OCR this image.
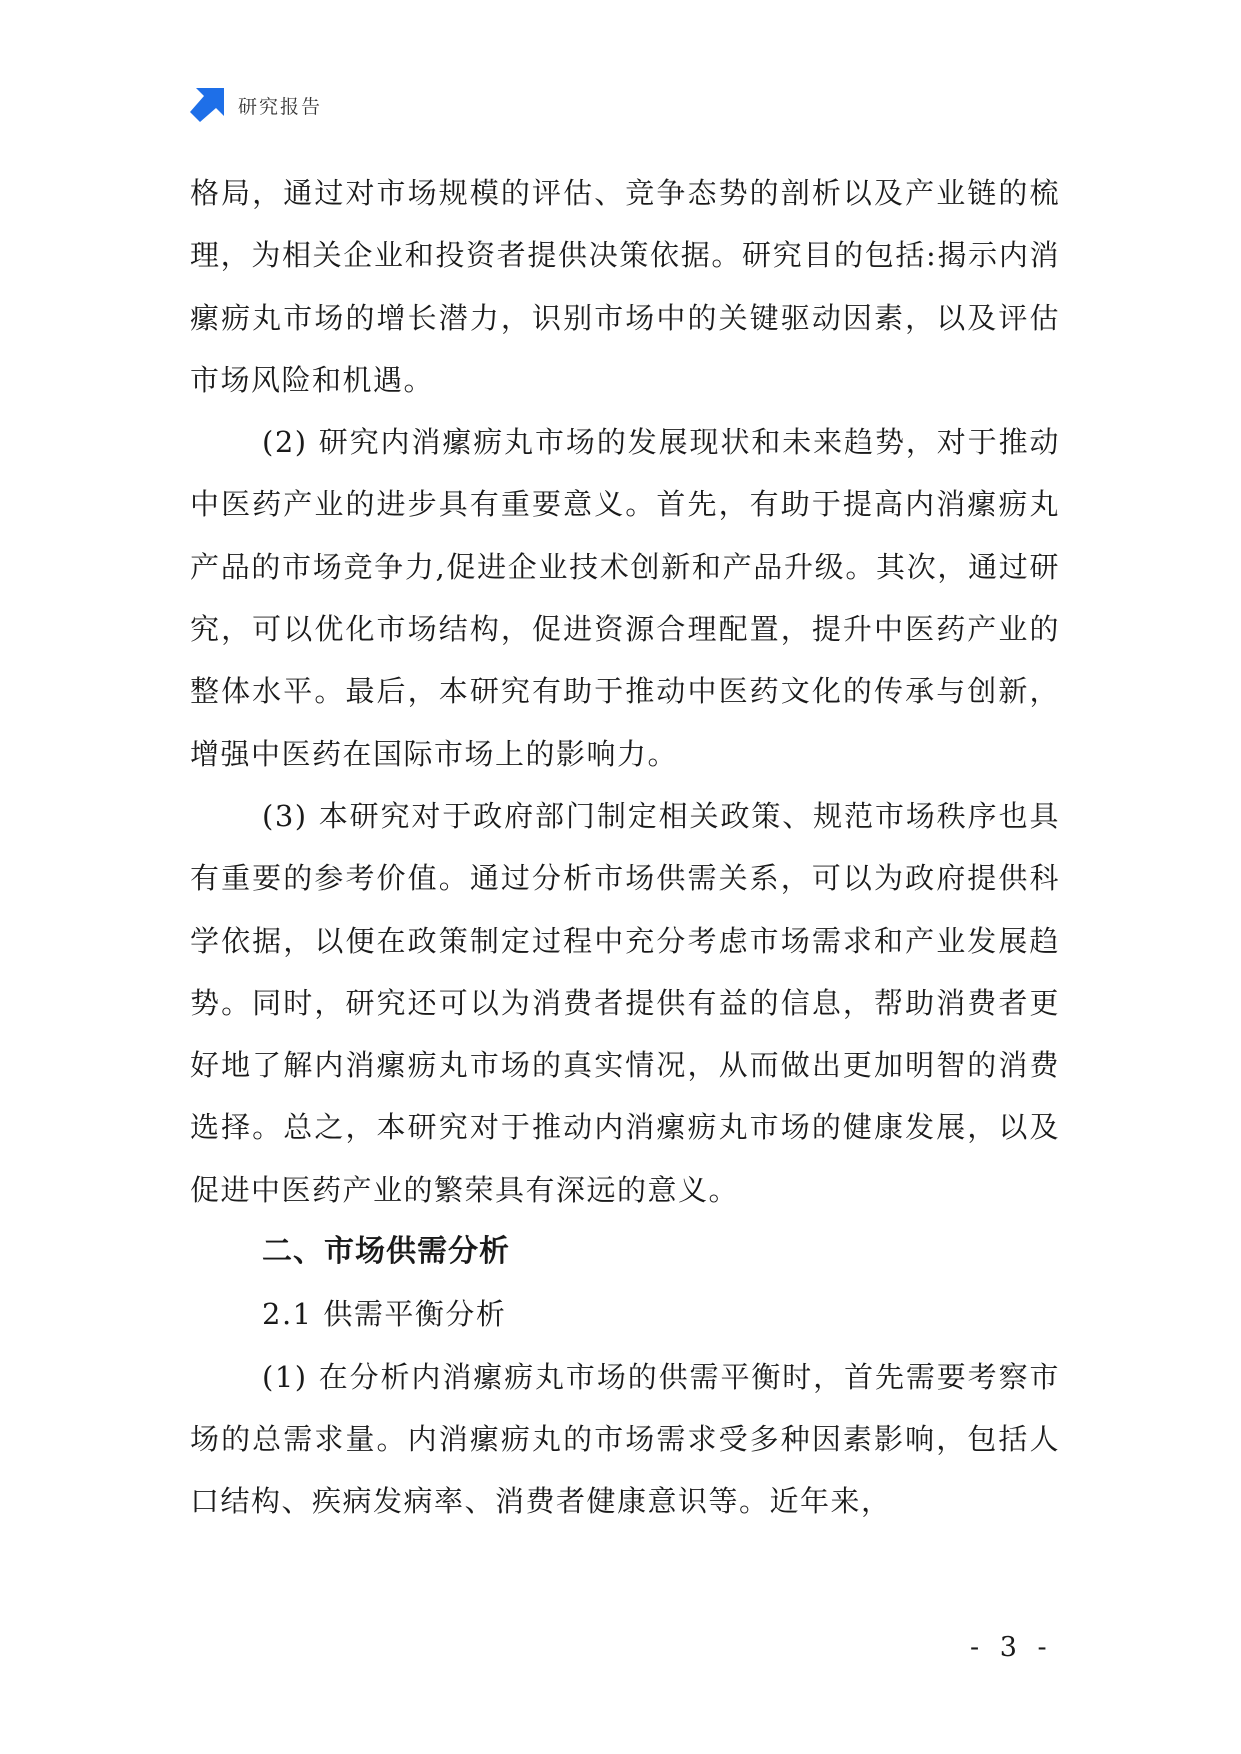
研究报告

格局，通过对市场规模的评估、竞争态势的剖析以及产业链的梳理，为相关企业和投资者提供决策依据。研究目的包括:揭示内消瘰疬丸市场的增长潜力，识别市场中的关键驱动因素，以及评估市场风险和机遇。

(2) 研究内消瘰疬丸市场的发展现状和未来趋势，对于推动中医药产业的进步具有重要意义。首先，有助于提高内消瘰疬丸产品的市场竞争力,促进企业技术创新和产品升级。其次，通过研究，可以优化市场结构，促进资源合理配置，提升中医药产业的整体水平。最后，本研究有助于推动中医药文化的传承与创新，增强中医药在国际市场上的影响力。

(3) 本研究对于政府部门制定相关政策、规范市场秩序也具有重要的参考价值。通过分析市场供需关系，可以为政府提供科学依据，以便在政策制定过程中充分考虑市场需求和产业发展趋势。同时，研究还可以为消费者提供有益的信息，帮助消费者更好地了解内消瘰疬丸市场的真实情况，从而做出更加明智的消费选择。总之，本研究对于推动内消瘰疬丸市场的健康发展，以及促进中医药产业的繁荣具有深远的意义。

二、市场供需分析

2.1 供需平衡分析

(1) 在分析内消瘰疬丸市场的供需平衡时，首先需要考察市场的总需求量。内消瘰疬丸的市场需求受多种因素影响，包括人口结构、疾病发病率、消费者健康意识等。近年来，

- 3 -
